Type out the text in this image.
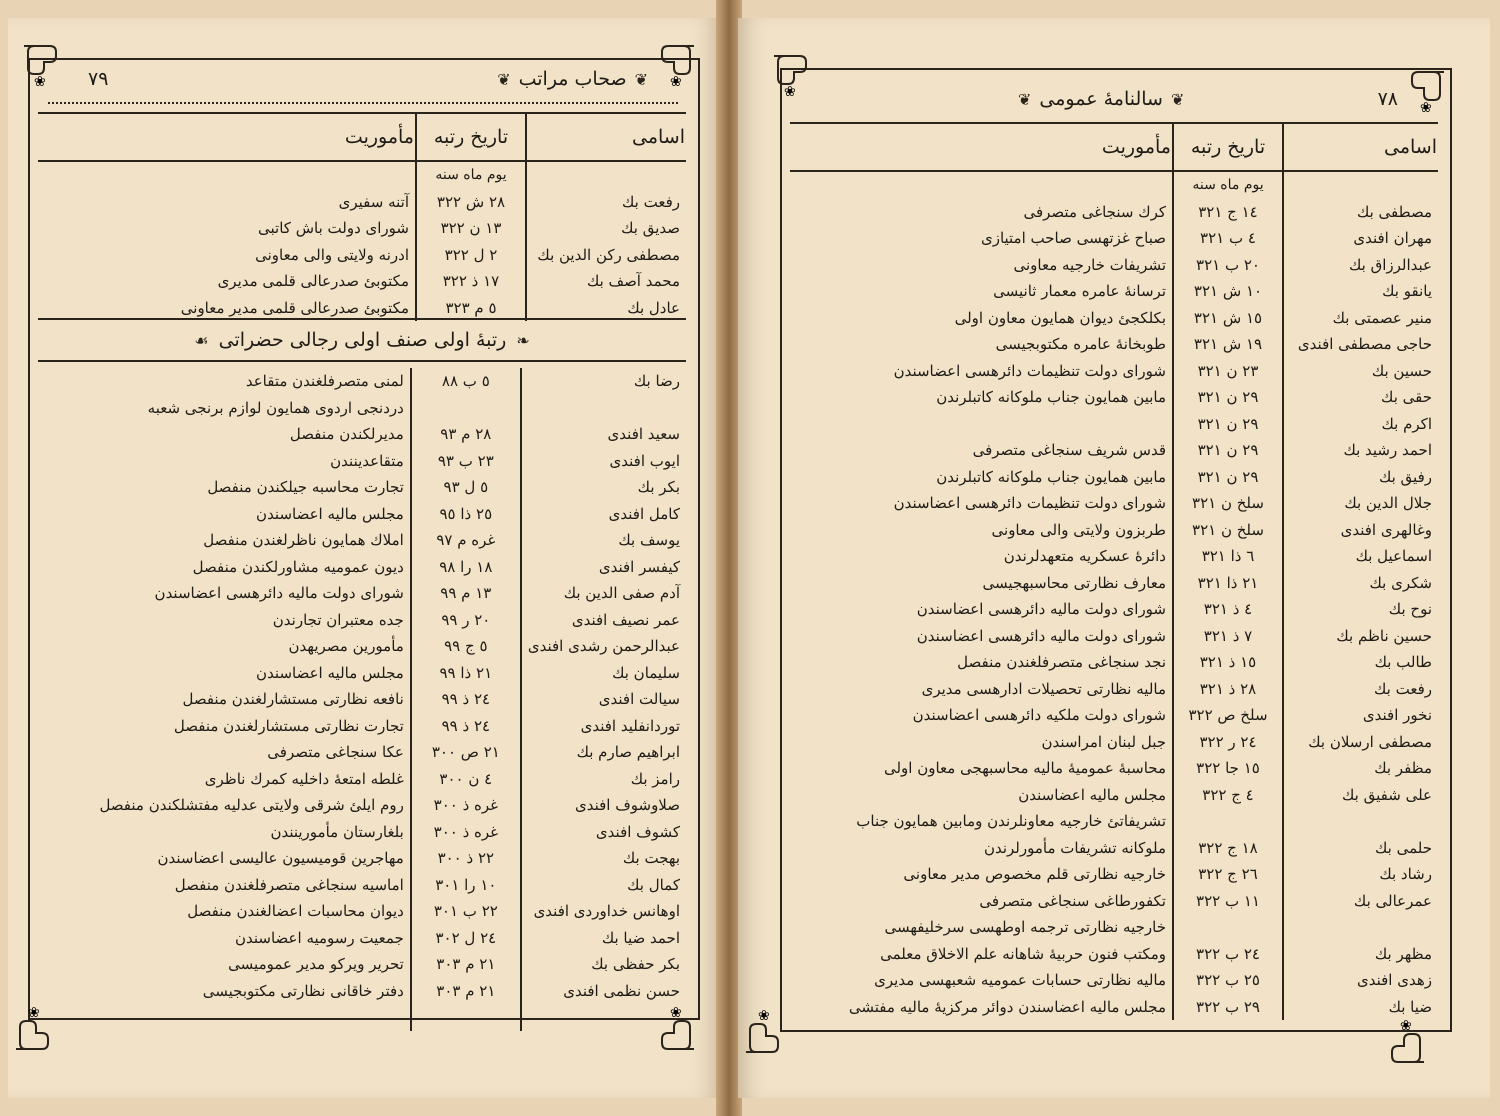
❀	❀
❀	❀
٧٩	❦
صحاب مراتب
❦
اسامى	تاريخ رتبه	مأموريت
	يوم ماه سنه	
رفعت بك	٢٨ ش ٣٢٢	آتنه سفيرى
صديق بك	١٣ ن ٣٢٢	شوراى دولت باش كاتبى
مصطفى ركن الدين بك	٢ ل ٣٢٢	ادرنه ولايتى والى معاونى
محمد آصف بك	١٧ ذ ٣٢٢	مكتوبئ صدرعالى قلمى مديرى
عادل بك	٥ م ٣٢٣	مكتوبئ صدرعالى قلمى مدير معاونى
❧
رتبهٔ اولى صنف اولى رجالى حضراتى
☙
رضا بك	٥ ب ٨٨	لمنى متصرفلغندن متقاعد
		دردنجى اردوى همايون لوازم برنجى شعبه
سعيد افندى	٢٨ م ٩٣	مديرلكندن منفصل
ايوب افندى	٢٣ ب ٩٣	متقاعدينندن
بكر بك	٥ ل ٩٣	تجارت محاسبه جيلكندن منفصل
كامل افندى	٢٥ ذا ٩٥	مجلس ماليه اعضاسندن
يوسف بك	غره م ٩٧	املاك همايون ناظرلغندن منفصل
كيفسر افندى	١٨ را ٩٨	ديون عموميه مشاورلكندن منفصل
آدم صفى الدين بك	١٣ م ٩٩	شوراى دولت ماليه دائرهسى اعضاسندن
عمر نصيف افندى	٢٠ ر ٩٩	جده معتبران تجارندن
عبدالرحمن رشدى افندى	٥ ج ٩٩	مأمورين مصريهدن
سليمان بك	٢١ ذا ٩٩	مجلس ماليه اعضاسندن
سيالت افندى	٢٤ ذ ٩٩	نافعه نظارتى مستشارلغندن منفصل
توردانفليد افندى	٢٤ ذ ٩٩	تجارت نظارتى مستشارلغندن منفصل
ابراهيم صارم بك	٢١ ص ٣٠٠	عكا سنجاغى متصرفى
رامز بك	٤ ن ٣٠٠	غلطه امتعهٔ داخليه كمرك ناظرى
صلاوشوف افندى	غره ذ ٣٠٠	روم ايلئ شرقى ولايتى عدليه مفتشلكندن منفصل
كشوف افندى	غره ذ ٣٠٠	بلغارستان مأمورينندن
بهجت بك	٢٢ ذ ٣٠٠	مهاجرين قوميسيون عاليسى اعضاسندن
كمال بك	١٠ را ٣٠١	اماسيه سنجاغى متصرفلغندن منفصل
اوهانس خداوردى افندى	٢٢ ب ٣٠١	ديوان محاسبات اعضالغندن منفصل
احمد ضيا بك	٢٤ ل ٣٠٢	جمعيت رسوميه اعضاسندن
بكر حفظى بك	٢١ م ٣٠٣	تحرير ويركو مدير عموميسى
حسن نظمى افندى	٢١ م ٣٠٣	دفتر خاقانى نظارتى مكتوبجيسى

❀
❀
❀
❀
❦
سالنامهٔ عمومى
❦	٧٨
اسامى	تاريخ رتبه	مأموريت
	يوم ماه سنه	
مصطفى بك	١٤ ج ٣٢١	كرك سنجاغى متصرفى
مهران افندى	٤ ب ٣٢١	صباح غزتهسى صاحب امتيازى
عبدالرزاق بك	٢٠ ب ٣٢١	تشريفات خارجيه معاونى
يانقو بك	١٠ ش ٣٢١	ترسانهٔ عامره معمار ثانيسى
منير عصمتى بك	١٥ ش ٣٢١	بكلكجئ ديوان همايون معاون اولى
حاجى مصطفى افندى	١٩ ش ٣٢١	طوبخانهٔ عامره مكتوبجيسى
حسين بك	٢٣ ن ٣٢١	شوراى دولت تنظيمات دائرهسى اعضاسندن
حقى بك	٢٩ ن ٣٢١	مابين همايون جناب ملوكانه كاتبلرندن
اكرم بك	٢٩ ن ٣٢١	
احمد رشيد بك	٢٩ ن ٣٢١	قدس شريف سنجاغى متصرفى
رفيق بك	٢٩ ن ٣٢١	مابين همايون جناب ملوكانه كاتبلرندن
جلال الدين بك	سلخ ن ٣٢١	شوراى دولت تنظيمات دائرهسى اعضاسندن
وغالهرى افندى	سلخ ن ٣٢١	طربزون ولايتى والى معاونى
اسماعيل بك	٦ ذا ٣٢١	دائرهٔ عسكريه متعهدلرندن
شكرى بك	٢١ ذا ٣٢١	معارف نظارتى محاسبهجيسى
نوح بك	٤ ذ ٣٢١	شوراى دولت ماليه دائرهسى اعضاسندن
حسين ناظم بك	٧ ذ ٣٢١	شوراى دولت ماليه دائرهسى اعضاسندن
طالب بك	١٥ ذ ٣٢١	نجد سنجاغى متصرفلغندن منفصل
رفعت بك	٢٨ ذ ٣٢١	ماليه نظارتى تحصيلات ادارهسى مديرى
نخور افندى	سلخ ص ٣٢٢	شوراى دولت ملكيه دائرهسى اعضاسندن
مصطفى ارسلان بك	٢٤ ر ٣٢٢	جبل لبنان امراسندن
مظفر بك	١٥ جا ٣٢٢	محاسبهٔ عموميهٔ ماليه محاسبهجى معاون اولى
على شفيق بك	٤ ج ٣٢٢	مجلس ماليه اعضاسندن
		تشريفاتئ خارجيه معاونلرندن ومابين همايون جناب
حلمى بك	١٨ ج ٣٢٢	ملوكانه تشريفات مأمورلرندن
رشاد بك	٢٦ ج ٣٢٢	خارجيه نظارتى قلم مخصوص مدير معاونى
عمرعالى بك	١١ ب ٣٢٢	تكفورطاغى سنجاغى متصرفى
		خارجيه نظارتى ترجمه اوطهسى سرخليفهسى
مظهر بك	٢٤ ب ٣٢٢	ومكتب فنون حربيهٔ شاهانه علم الاخلاق معلمى
زهدى افندى	٢٥ ب ٣٢٢	ماليه نظارتى حسابات عموميه شعبهسى مديرى
ضيا بك	٢٩ ب ٣٢٢	مجلس ماليه اعضاسندن دوائر مركزيهٔ ماليه مفتشى
